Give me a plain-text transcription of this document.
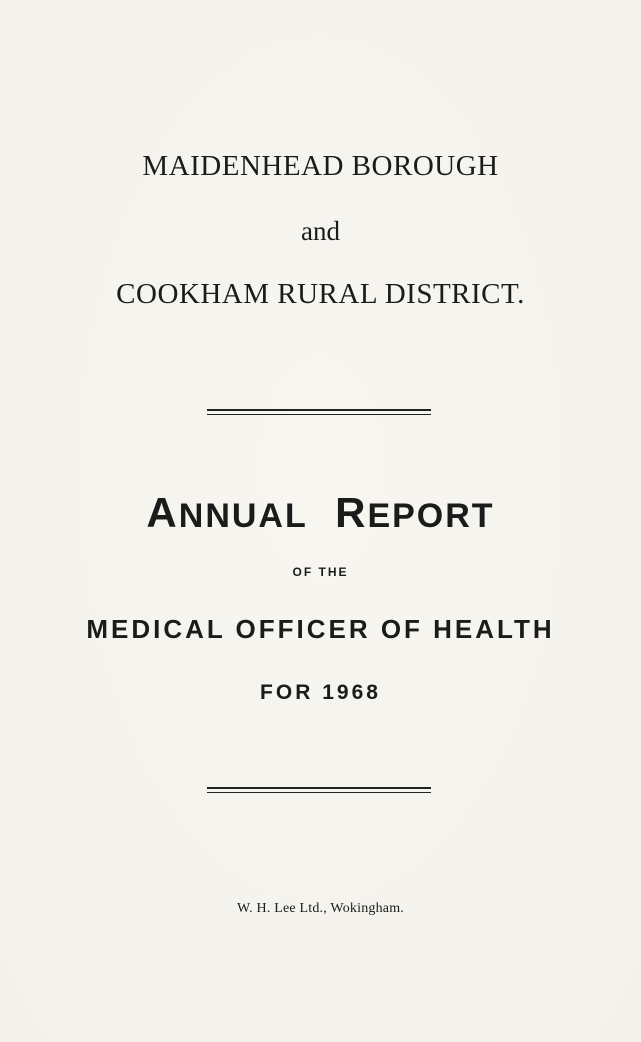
MAIDENHEAD BOROUGH
and
COOKHAM RURAL DISTRICT.
ANNUAL REPORT
OF THE
MEDICAL OFFICER OF HEALTH
FOR 1968
W. H. Lee Ltd., Wokingham.
